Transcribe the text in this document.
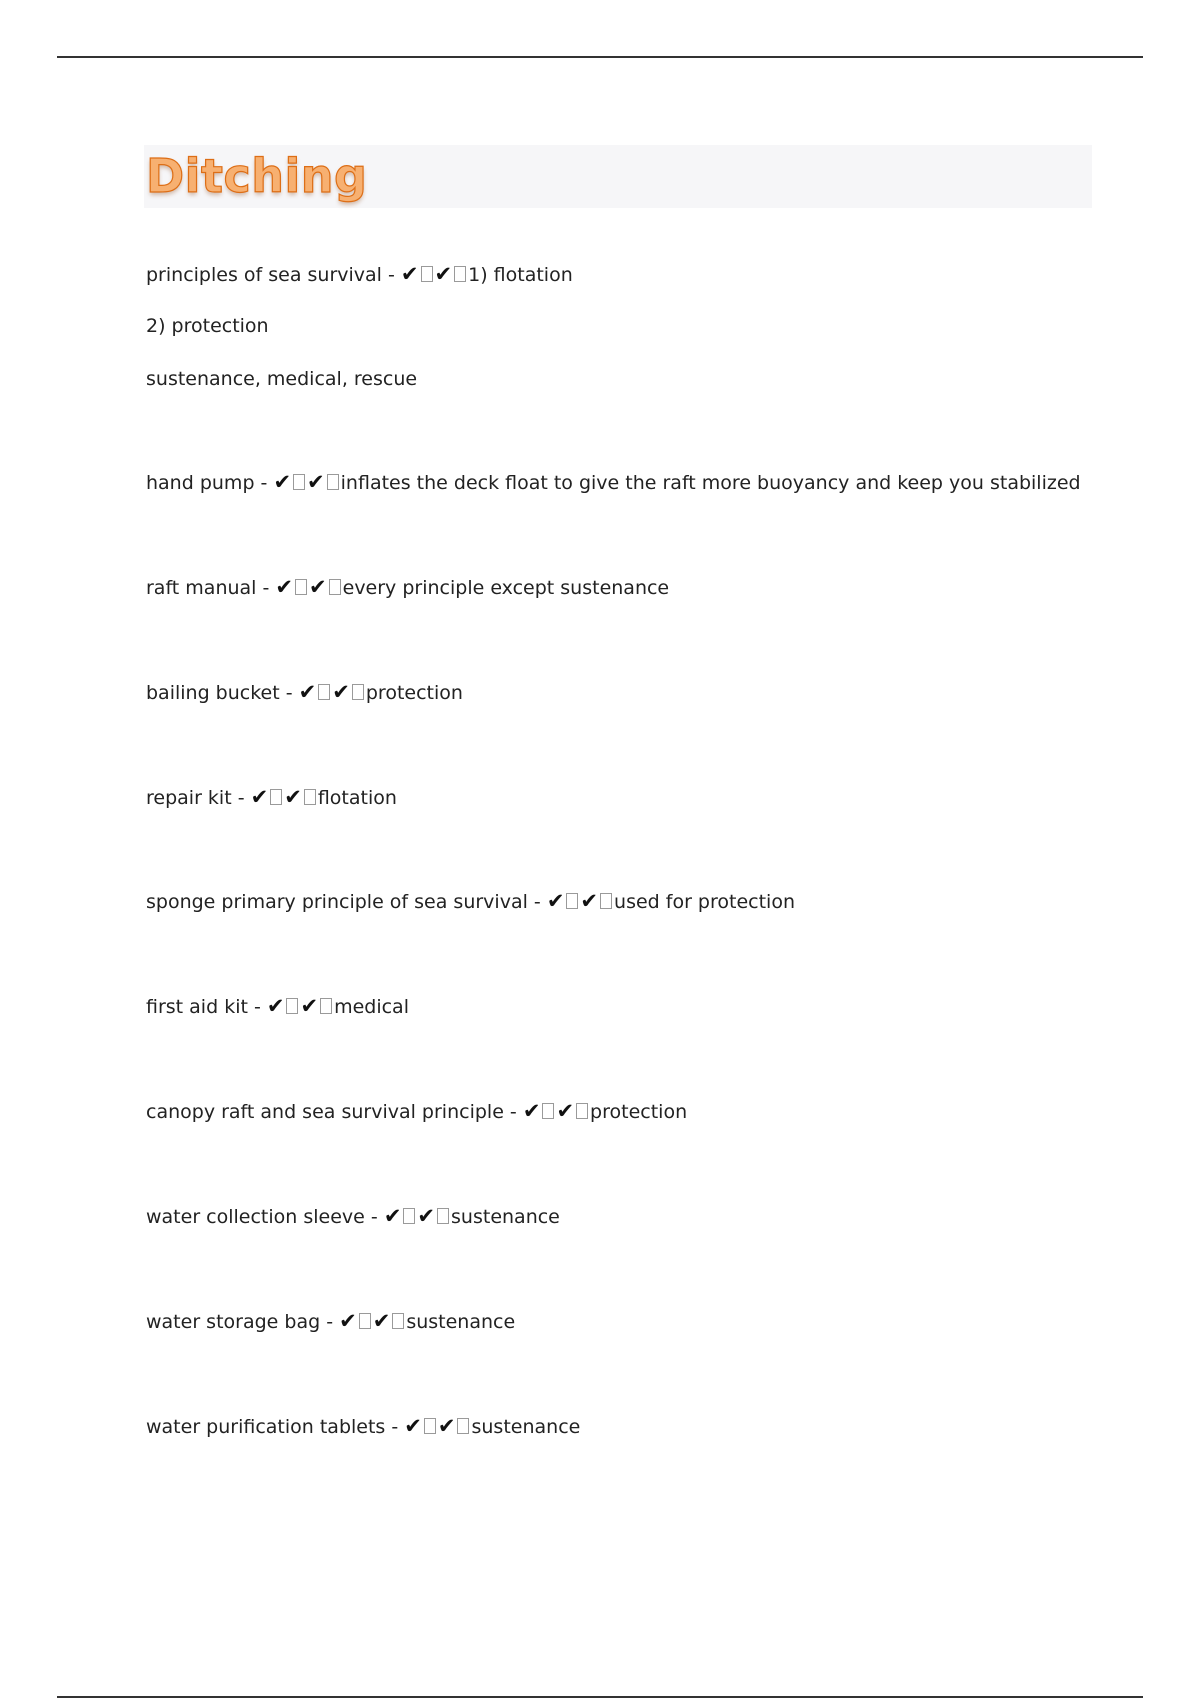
Ditching
principles of sea survival - ✔ ✔ 1) flotation
2) protection
sustenance, medical, rescue
hand pump - ✔ ✔ inflates the deck float to give the raft more buoyancy and keep you stabilized
raft manual - ✔ ✔ every principle except sustenance
bailing bucket - ✔ ✔ protection
repair kit - ✔ ✔ flotation
sponge primary principle of sea survival - ✔ ✔ used for protection
first aid kit - ✔ ✔ medical
canopy raft and sea survival principle - ✔ ✔ protection
water collection sleeve - ✔ ✔ sustenance
water storage bag - ✔ ✔ sustenance
water purification tablets - ✔ ✔ sustenance
